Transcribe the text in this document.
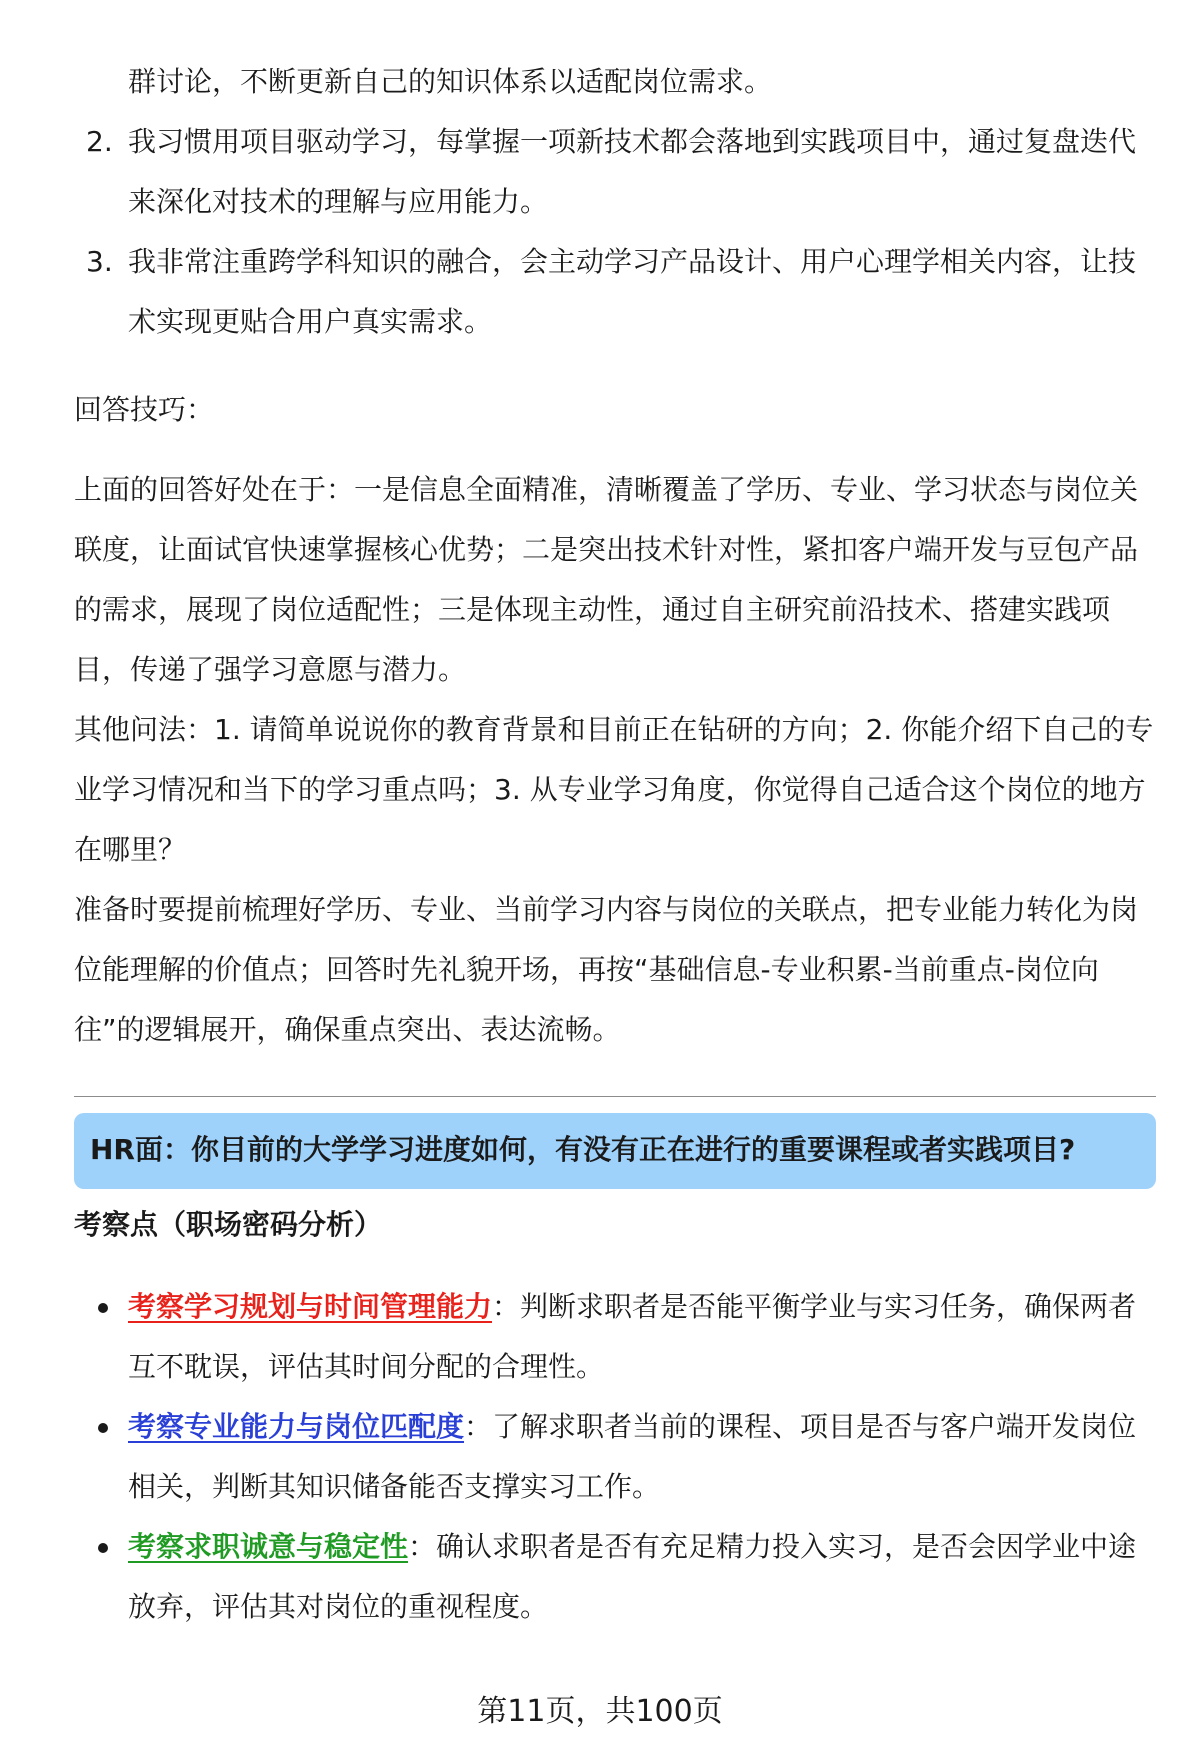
群讨论，不断更新自己的知识体系以适配岗位需求。
2. 我习惯用项目驱动学习，每掌握一项新技术都会落地到实践项目中，通过复盘迭代来深化对技术的理解与应用能力。
3. 我非常注重跨学科知识的融合，会主动学习产品设计、用户心理学相关内容，让技术实现更贴合用户真实需求。

回答技巧：

上面的回答好处在于：一是信息全面精准，清晰覆盖了学历、专业、学习状态与岗位关联度，让面试官快速掌握核心优势；二是突出技术针对性，紧扣客户端开发与豆包产品的需求，展现了岗位适配性；三是体现主动性，通过自主研究前沿技术、搭建实践项目，传递了强学习意愿与潜力。

其他问法：1. 请简单说说你的教育背景和目前正在钻研的方向；2. 你能介绍下自己的专业学习情况和当下的学习重点吗；3. 从专业学习角度，你觉得自己适合这个岗位的地方在哪里？

准备时要提前梳理好学历、专业、当前学习内容与岗位的关联点，把专业能力转化为岗位能理解的价值点；回答时先礼貌开场，再按“基础信息-专业积累-当前重点-岗位向往”的逻辑展开，确保重点突出、表达流畅。

HR面：你目前的大学学习进度如何，有没有正在进行的重要课程或者实践项目?

考察点（职场密码分析）

考察学习规划与时间管理能力：判断求职者是否能平衡学业与实习任务，确保两者互不耽误，评估其时间分配的合理性。
考察专业能力与岗位匹配度：了解求职者当前的课程、项目是否与客户端开发岗位相关，判断其知识储备能否支撑实习工作。
考察求职诚意与稳定性：确认求职者是否有充足精力投入实习，是否会因学业中途放弃，评估其对岗位的重视程度。
第11页，共100页
